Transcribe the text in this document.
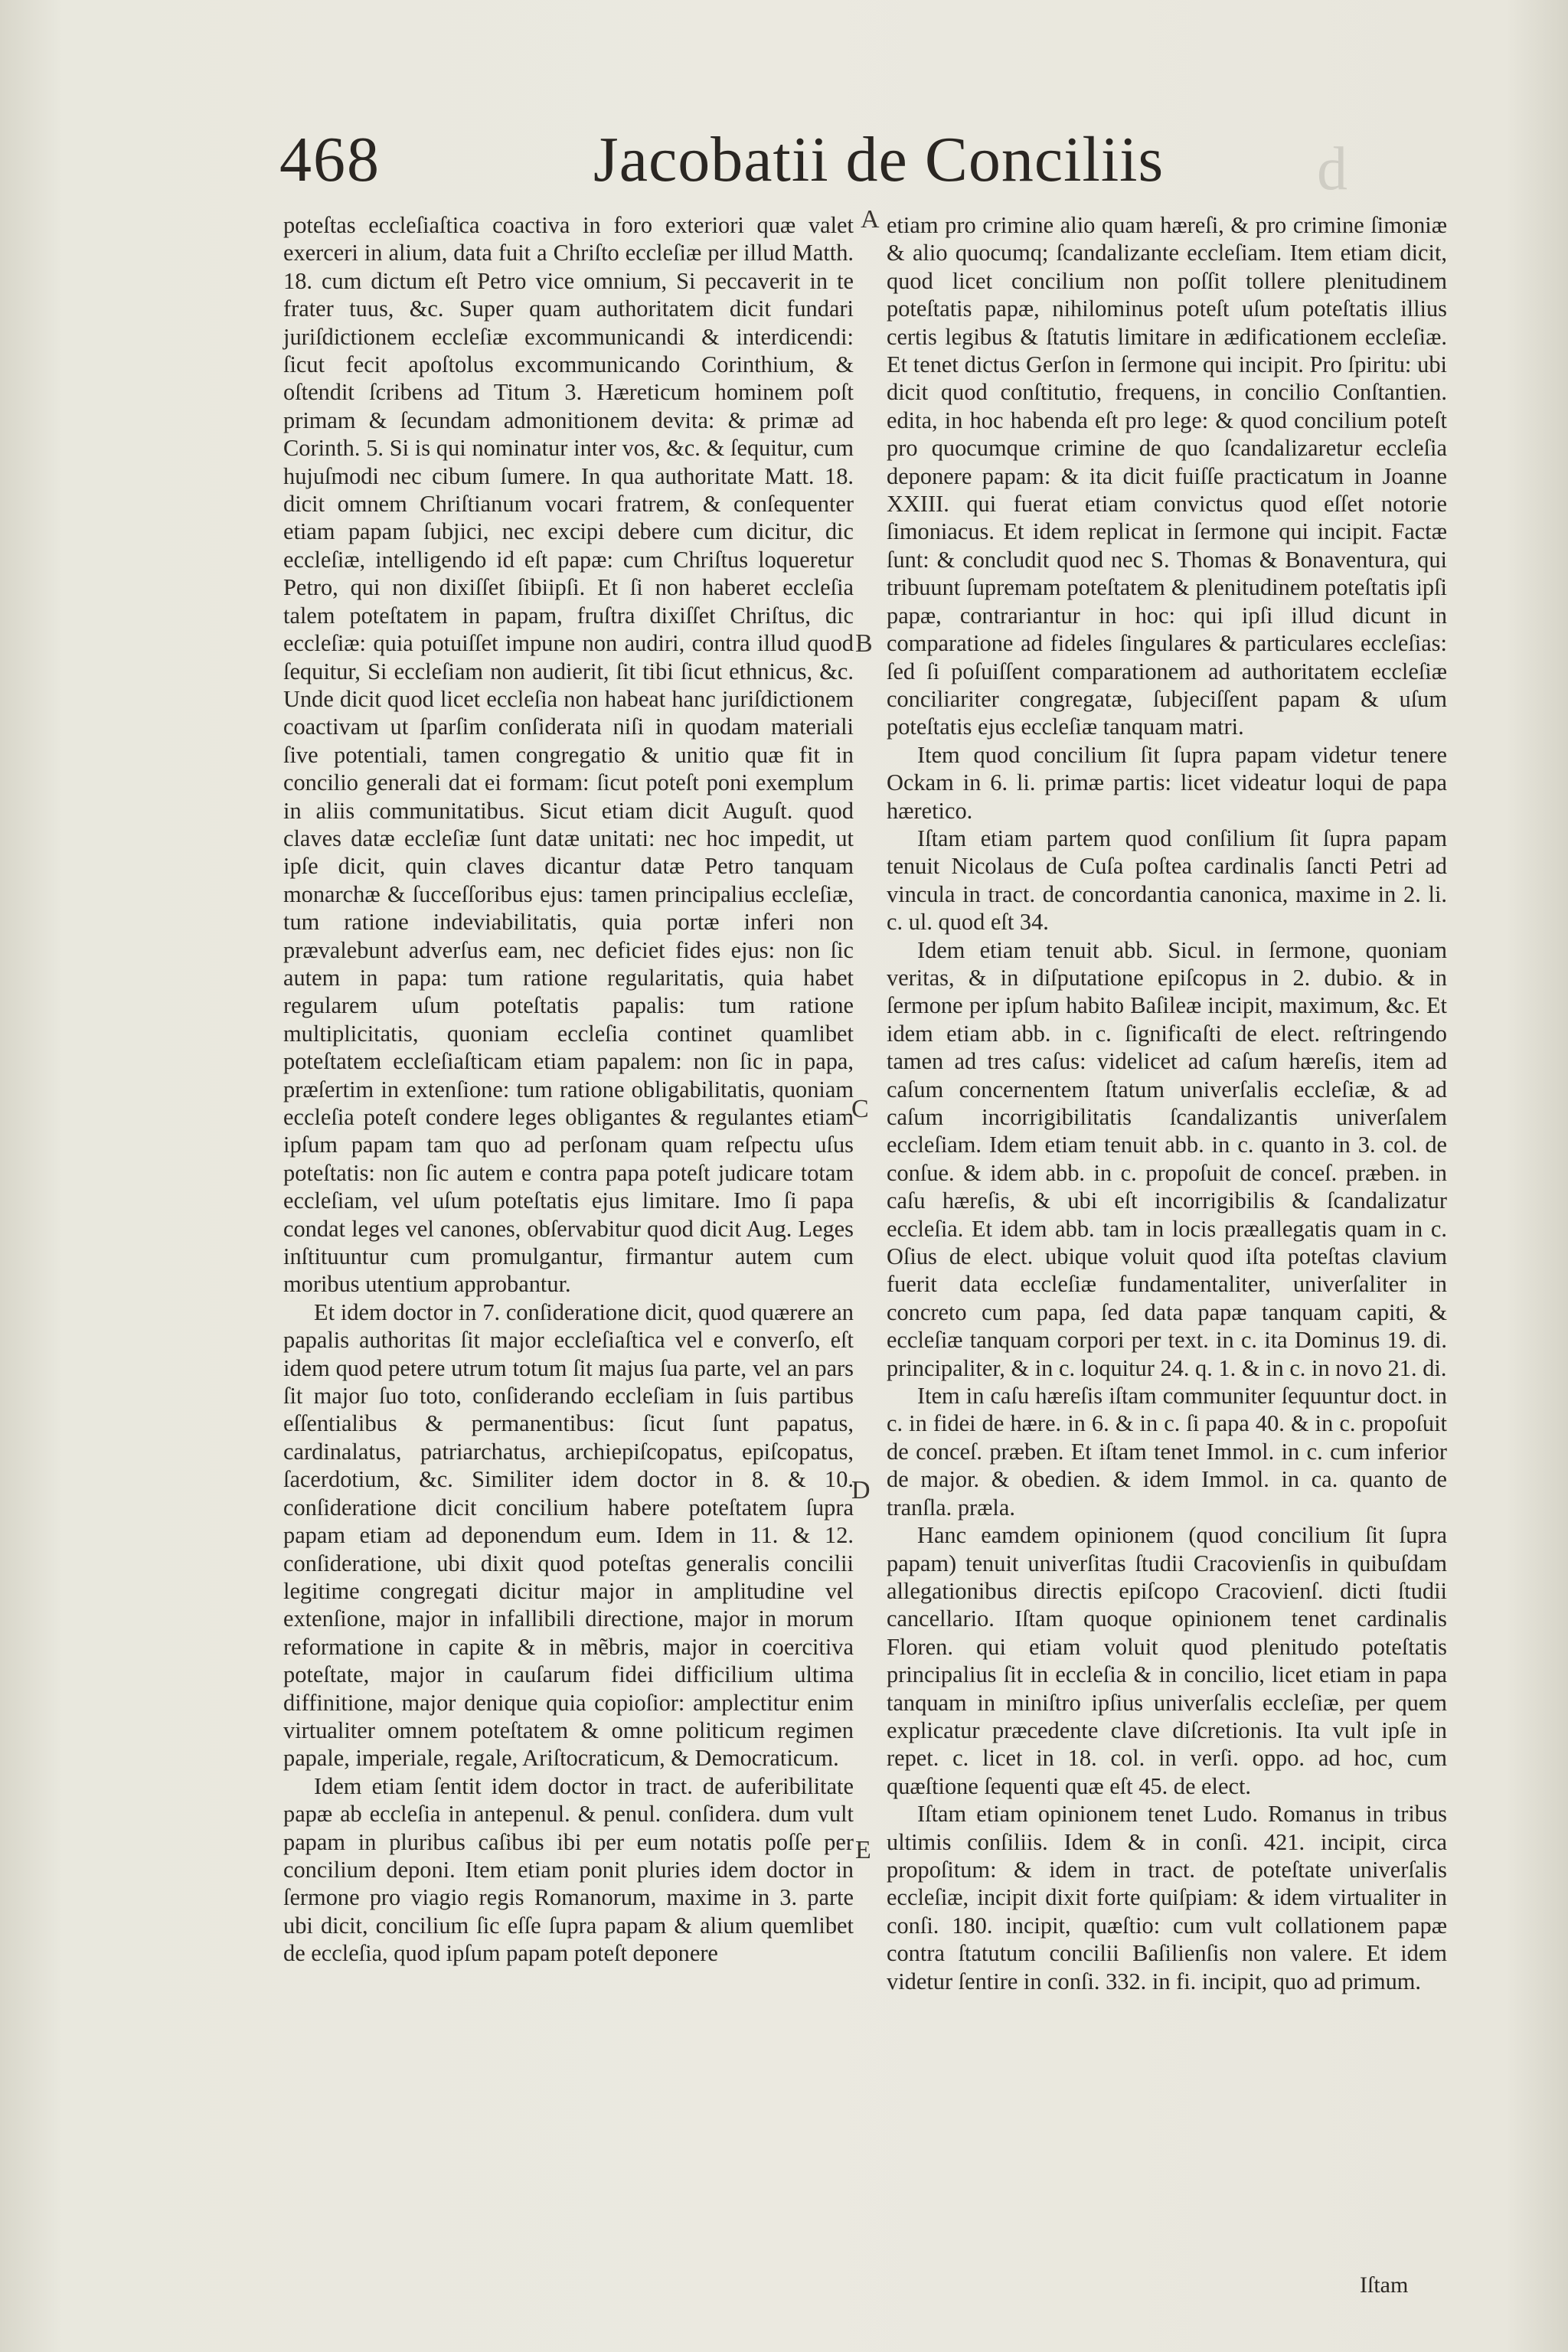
468	Jacobatii de Conciliis d

poteſtas eccleſiaſtica coactiva in foro exteriori quæ valet exerceri in alium, data fuit a Chriſto eccleſiæ per illud Matth. 18. cum dictum eſt Petro vice omnium, Si peccaverit in te frater tuus, &c. Super quam authoritatem dicit fundari juriſdictionem eccleſiæ excommunicandi & interdicendi: ſicut fecit apoſtolus excommunicando Corinthium, & oſtendit ſcribens ad Titum 3. Hæreticum hominem poſt primam & ſecundam admonitionem devita: & primæ ad Corinth. 5. Si is qui nominatur inter vos, &c. & ſequitur, cum hujuſmodi nec cibum ſumere. In qua authoritate Matt. 18. dicit omnem Chriſtianum vocari fratrem, & conſequenter etiam papam ſubjici, nec excipi debere cum dicitur, dic eccleſiæ, intelligendo id eſt papæ: cum Chriſtus loqueretur Petro, qui non dixiſſet ſibiipſi. Et ſi non haberet eccleſia talem poteſtatem in papam, fruſtra dixiſſet Chriſtus, dic eccleſiæ: quia potuiſſet impune non audiri, contra illud quod ſequitur, Si eccleſiam non audierit, ſit tibi ſicut ethnicus, &c. Unde dicit quod licet eccleſia non habeat hanc juriſdictionem coactivam ut ſparſim conſiderata niſi in quodam materiali ſive potentiali, tamen congregatio & unitio quæ fit in concilio generali dat ei formam: ſicut poteſt poni exemplum in aliis communitatibus. Sicut etiam dicit Auguſt. quod claves datæ eccleſiæ ſunt datæ unitati: nec hoc impedit, ut ipſe dicit, quin claves dicantur datæ Petro tanquam monarchæ & ſucceſſoribus ejus: tamen principalius eccleſiæ, tum ratione indeviabilitatis, quia portæ inferi non prævalebunt adverſus eam, nec deficiet fides ejus: non ſic autem in papa: tum ratione regularitatis, quia habet regularem uſum poteſtatis papalis: tum ratione multiplicitatis, quoniam eccleſia continet quamlibet poteſtatem eccleſiaſticam etiam papalem: non ſic in papa, præſertim in extenſione: tum ratione obligabilitatis, quoniam eccleſia poteſt condere leges obligantes & regulantes etiam ipſum papam tam quo ad perſonam quam reſpectu uſus poteſtatis: non ſic autem e contra papa poteſt judicare totam eccleſiam, vel uſum poteſtatis ejus limitare. Imo ſi papa condat leges vel canones, obſervabitur quod dicit Aug. Leges inſtituuntur cum promulgantur, firmantur autem cum moribus utentium approbantur.

Et idem doctor in 7. conſideratione dicit, quod quærere an papalis authoritas ſit major eccleſiaſtica vel e converſo, eſt idem quod petere utrum totum ſit majus ſua parte, vel an pars ſit major ſuo toto, conſiderando eccleſiam in ſuis partibus eſſentialibus & permanentibus: ſicut ſunt papatus, cardinalatus, patriarchatus, archiepiſcopatus, epiſcopatus, ſacerdotium, &c. Similiter idem doctor in 8. & 10. conſideratione dicit concilium habere poteſtatem ſupra papam etiam ad deponendum eum. Idem in 11. & 12. conſideratione, ubi dixit quod poteſtas generalis concilii legitime congregati dicitur major in amplitudine vel extenſione, major in infallibili directione, major in morum reformatione in capite & in mẽbris, major in coercitiva poteſtate, major in cauſarum fidei difficilium ultima diffinitione, major denique quia copioſior: amplectitur enim virtualiter omnem poteſtatem & omne politicum regimen papale, imperiale, regale, Ariſtocraticum, & Democraticum.

Idem etiam ſentit idem doctor in tract. de auferibilitate papæ ab eccleſia in antepenul. & penul. conſidera. dum vult papam in pluribus caſibus ibi per eum notatis poſſe per concilium deponi. Item etiam ponit pluries idem doctor in ſermone pro viagio regis Romanorum, maxime in 3. parte ubi dicit, concilium ſic eſſe ſupra papam & alium quemlibet de eccleſia, quod ipſum papam poteſt deponere

A
B
C
D
E

etiam pro crimine alio quam hæreſi, & pro crimine ſimoniæ & alio quocumq; ſcandalizante eccleſiam. Item etiam dicit, quod licet concilium non poſſit tollere plenitudinem poteſtatis papæ, nihilominus poteſt uſum poteſtatis illius certis legibus & ſtatutis limitare in ædificationem eccleſiæ. Et tenet dictus Gerſon in ſermone qui incipit. Pro ſpiritu: ubi dicit quod conſtitutio, frequens, in concilio Conſtantien. edita, in hoc habenda eſt pro lege: & quod concilium poteſt pro quocumque crimine de quo ſcandalizaretur eccleſia deponere papam: & ita dicit fuiſſe practicatum in Joanne XXIII. qui fuerat etiam convictus quod eſſet notorie ſimoniacus. Et idem replicat in ſermone qui incipit. Factæ ſunt: & concludit quod nec S. Thomas & Bonaventura, qui tribuunt ſupremam poteſtatem & plenitudinem poteſtatis ipſi papæ, contrariantur in hoc: qui ipſi illud dicunt in comparatione ad fideles ſingulares & particulares eccleſias: ſed ſi poſuiſſent comparationem ad authoritatem eccleſiæ conciliariter congregatæ, ſubjeciſſent papam & uſum poteſtatis ejus eccleſiæ tanquam matri.

Item quod concilium ſit ſupra papam videtur tenere Ockam in 6. li. primæ partis: licet videatur loqui de papa hæretico.

Iſtam etiam partem quod conſilium ſit ſupra papam tenuit Nicolaus de Cuſa poſtea cardinalis ſancti Petri ad vincula in tract. de concordantia canonica, maxime in 2. li. c. ul. quod eſt 34.

Idem etiam tenuit abb. Sicul. in ſermone, quoniam veritas, & in diſputatione epiſcopus in 2. dubio. & in ſermone per ipſum habito Baſileæ incipit, maximum, &c. Et idem etiam abb. in c. ſignificaſti de elect. reſtringendo tamen ad tres caſus: videlicet ad caſum hæreſis, item ad caſum concernentem ſtatum univerſalis eccleſiæ, & ad caſum incorrigibilitatis ſcandalizantis univerſalem eccleſiam. Idem etiam tenuit abb. in c. quanto in 3. col. de conſue. & idem abb. in c. propoſuit de conceſ. præben. in caſu hæreſis, & ubi eſt incorrigibilis & ſcandalizatur eccleſia. Et idem abb. tam in locis præallegatis quam in c. Oſius de elect. ubique voluit quod iſta poteſtas clavium fuerit data eccleſiæ fundamentaliter, univerſaliter in concreto cum papa, ſed data papæ tanquam capiti, & eccleſiæ tanquam corpori per text. in c. ita Dominus 19. di. principaliter, & in c. loquitur 24. q. 1. & in c. in novo 21. di.

Item in caſu hæreſis iſtam communiter ſequuntur doct. in c. in fidei de hære. in 6. & in c. ſi papa 40. & in c. propoſuit de conceſ. præben. Et iſtam tenet Immol. in c. cum inferior de major. & obedien. & idem Immol. in ca. quanto de tranſla. præla.

Hanc eamdem opinionem (quod concilium ſit ſupra papam) tenuit univerſitas ſtudii Cracovienſis in quibuſdam allegationibus directis epiſcopo Cracovienſ. dicti ſtudii cancellario. Iſtam quoque opinionem tenet cardinalis Floren. qui etiam voluit quod plenitudo poteſtatis principalius ſit in eccleſia & in concilio, licet etiam in papa tanquam in miniſtro ipſius univerſalis eccleſiæ, per quem explicatur præcedente clave diſcretionis. Ita vult ipſe in repet. c. licet in 18. col. in verſi. oppo. ad hoc, cum quæſtione ſequenti quæ eſt 45. de elect.

Iſtam etiam opinionem tenet Ludo. Romanus in tribus ultimis conſiliis. Idem & in conſi. 421. incipit, circa propoſitum: & idem in tract. de poteſtate univerſalis eccleſiæ, incipit dixit forte quiſpiam: & idem virtualiter in conſi. 180. incipit, quæſtio: cum vult collationem papæ contra ſtatutum concilii Baſilienſis non valere. Et idem videtur ſentire in conſi. 332. in fi. incipit, quo ad primum.

Iſtam
